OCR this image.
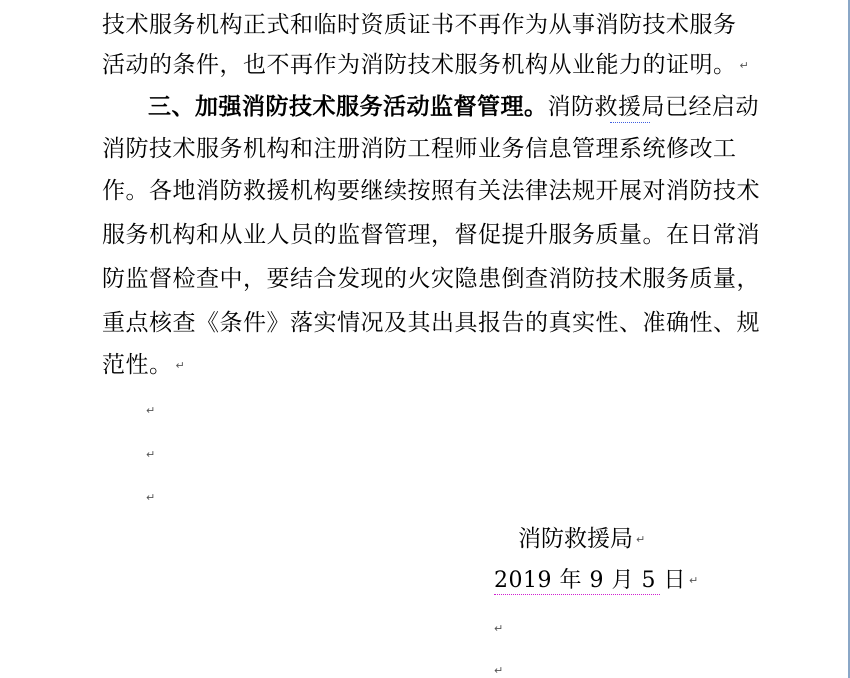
技术服务机构正式和临时资质证书不再作为从事消防技术服务
活动的条件，也不再作为消防技术服务机构从业能力的证明。 ↵
三、加强消防技术服务活动监督管理。消防救援局已经启动
消防技术服务机构和注册消防工程师业务信息管理系统修改工
作。各地消防救援机构要继续按照有关法律法规开展对消防技术
服务机构和从业人员的监督管理，督促提升服务质量。在日常消
防监督检查中，要结合发现的火灾隐患倒查消防技术服务质量，
重点核查《条件》落实情况及其出具报告的真实性、准确性、规
范性。 ↵
↵
↵
↵
消防救援局 ↵
2019 年 9 月 5 日 ↵
↵
↵
